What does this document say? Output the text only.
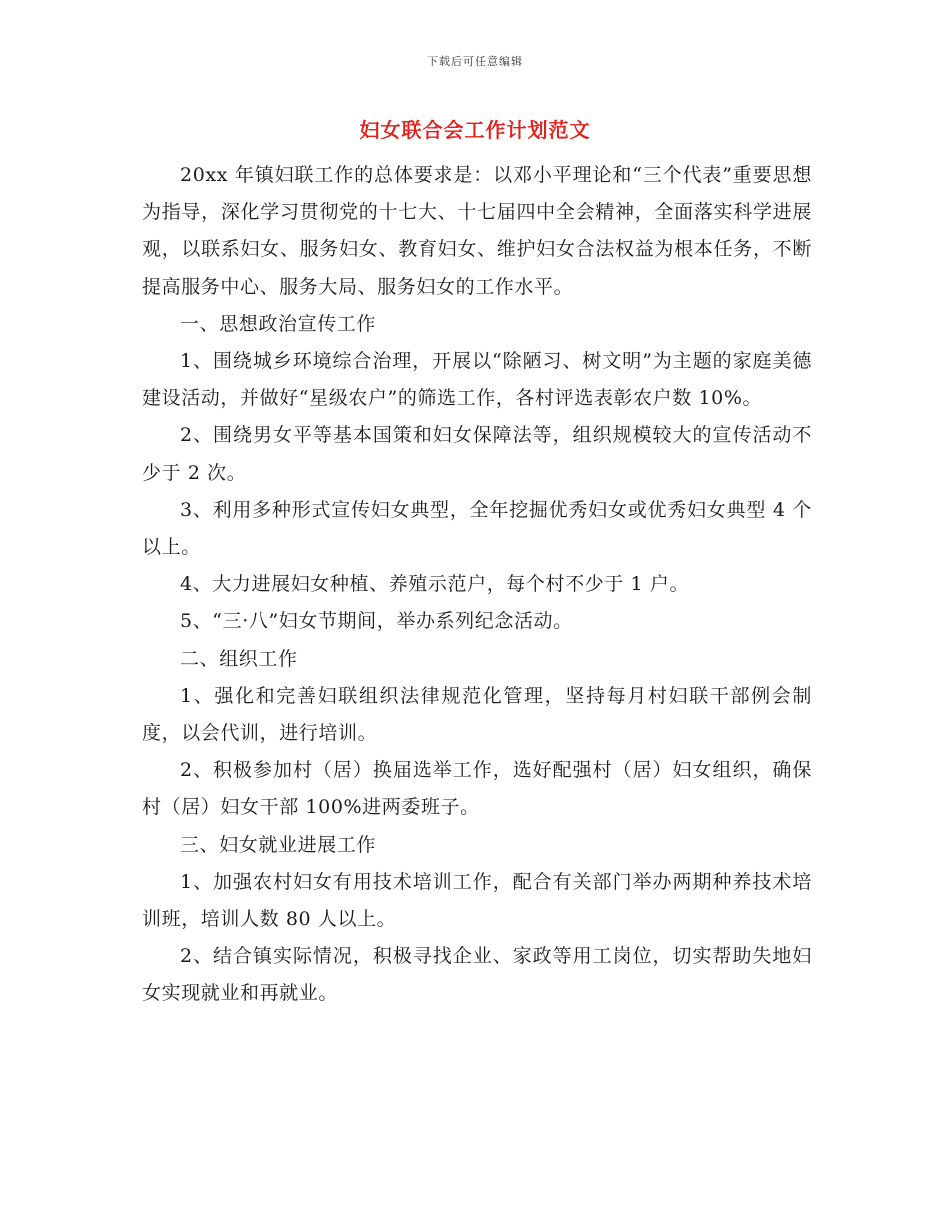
下载后可任意编辑
妇女联合会工作计划范文

20xx 年镇妇联工作的总体要求是：以邓小平理论和“三个代表”重要思想为指导，深化学习贯彻党的十七大、十七届四中全会精神，全面落实科学进展观，以联系妇女、服务妇女、教育妇女、维护妇女合法权益为根本任务，不断提高服务中心、服务大局、服务妇女的工作水平。

一、思想政治宣传工作

1、围绕城乡环境综合治理，开展以“除陋习、树文明”为主题的家庭美德建设活动，并做好“星级农户”的筛选工作，各村评选表彰农户数 10%。

2、围绕男女平等基本国策和妇女保障法等，组织规模较大的宣传活动不少于 2 次。

3、利用多种形式宣传妇女典型，全年挖掘优秀妇女或优秀妇女典型 4 个以上。

4、大力进展妇女种植、养殖示范户，每个村不少于 1 户。

5、“三·八”妇女节期间，举办系列纪念活动。

二、组织工作

1、强化和完善妇联组织法律规范化管理，坚持每月村妇联干部例会制度，以会代训，进行培训。

2、积极参加村（居）换届选举工作，选好配强村（居）妇女组织，确保村（居）妇女干部 100%进两委班子。

三、妇女就业进展工作

1、加强农村妇女有用技术培训工作，配合有关部门举办两期种养技术培训班，培训人数 80 人以上。

2、结合镇实际情况，积极寻找企业、家政等用工岗位，切实帮助失地妇女实现就业和再就业。
